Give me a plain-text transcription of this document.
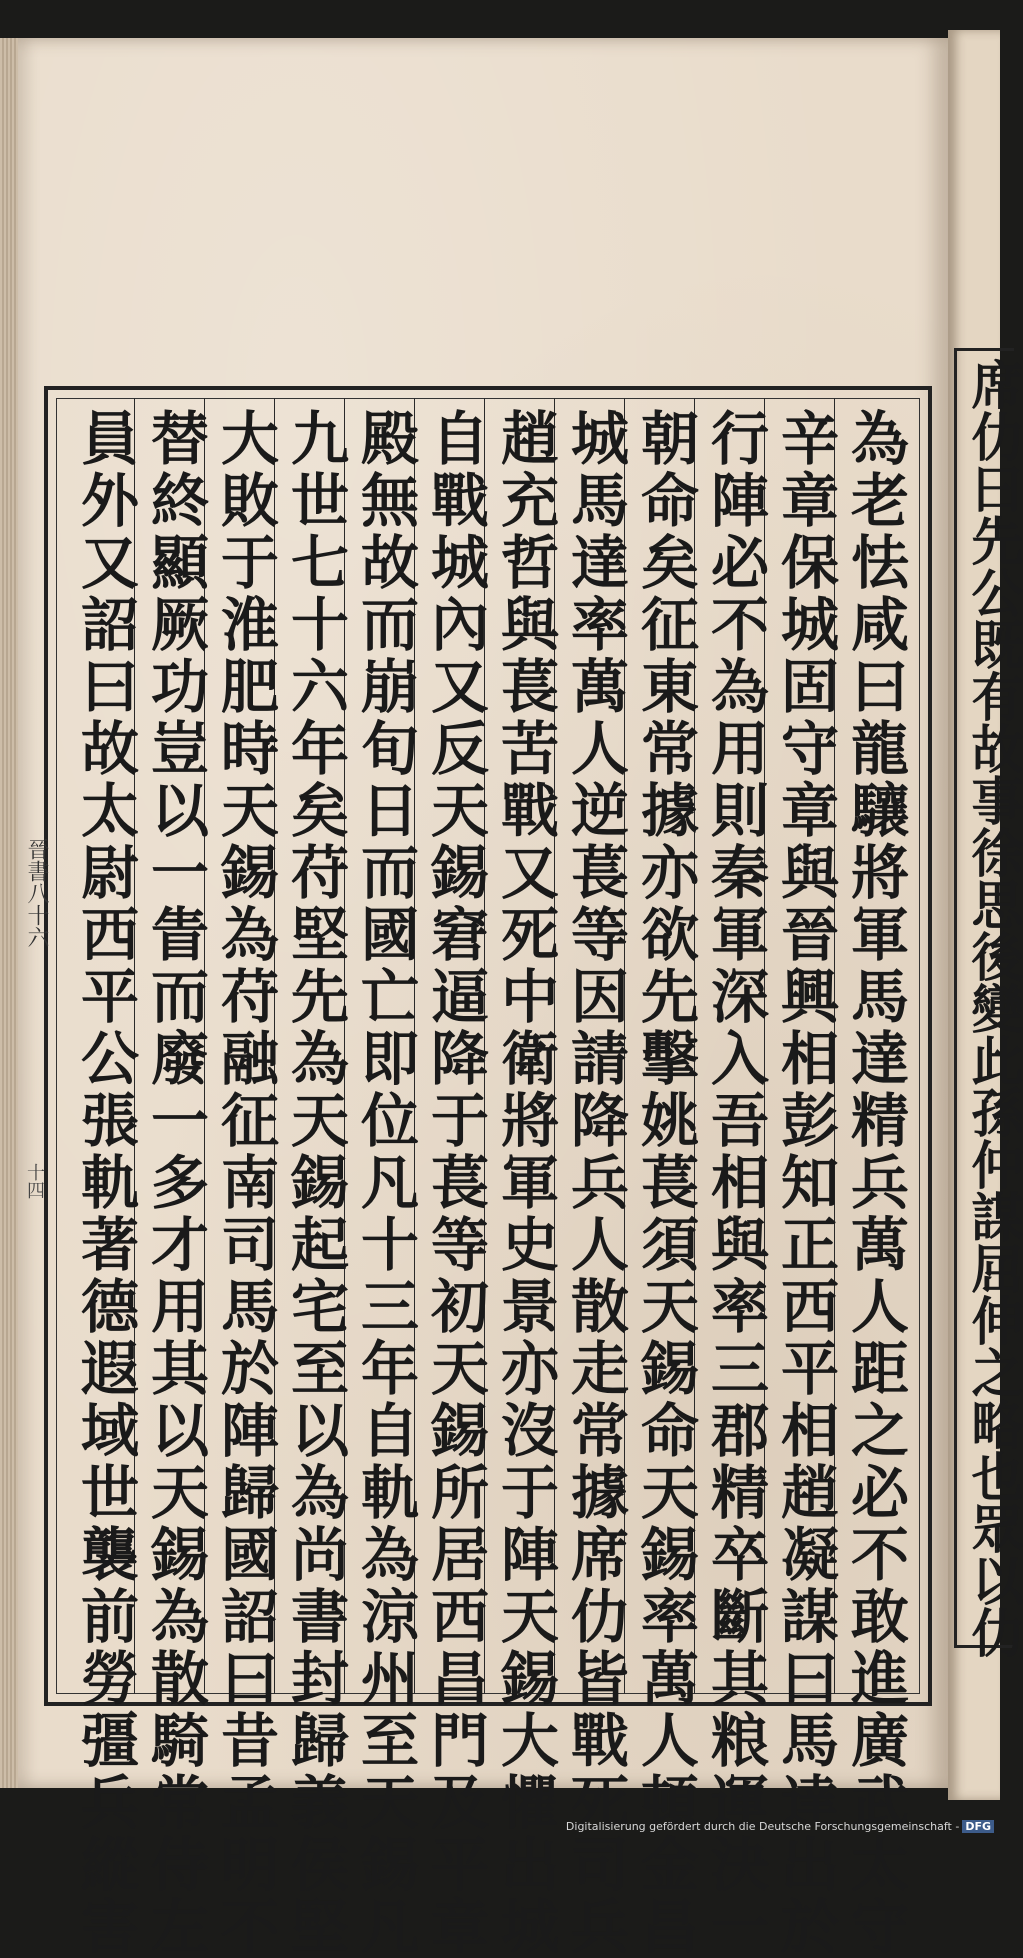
為老怯咸曰龍驤將軍馬達精兵萬人距之必不敢進廣武太守
辛章保城固守章與晉興相彭知正西平相趙凝謀曰馬達出於
行陣必不為用則秦軍深入吾相與率三郡精卒斷其粮運決一
朝命矣征東常據亦欲先擊姚萇須天錫命天錫率萬人頓金昌
城馬達率萬人逆萇等因請降兵人散走常據席仂皆戰死司兵
趙充哲與萇苦戰又死中衛將軍史景亦沒于陣天錫大懼出城
自戰城內又反天錫窘逼降于萇等初天錫所居西昌門及平章
殿無故而崩旬日而國亡即位凡十三年自軌為涼州至天錫凡
九世七十六年矣苻堅先為天錫起宅至以為尚書封歸義侯堅
大敗于淮肥時天錫為苻融征南司馬於陣歸國詔曰昔孟明不
替終顯厥功豈以一眚而廢一多才用其以天錫為散騎常侍左
員外又詔曰故太尉西平公張軌著德遐域世襲前勞彊兵縱害
晉書八十六
十四	席仂曰先公既有故事徐思後變此孫仲謀屈伸之略也眾以仂
Digitalisierung gefördert durch die Deutsche Forschungsgemeinschaft - DFG
